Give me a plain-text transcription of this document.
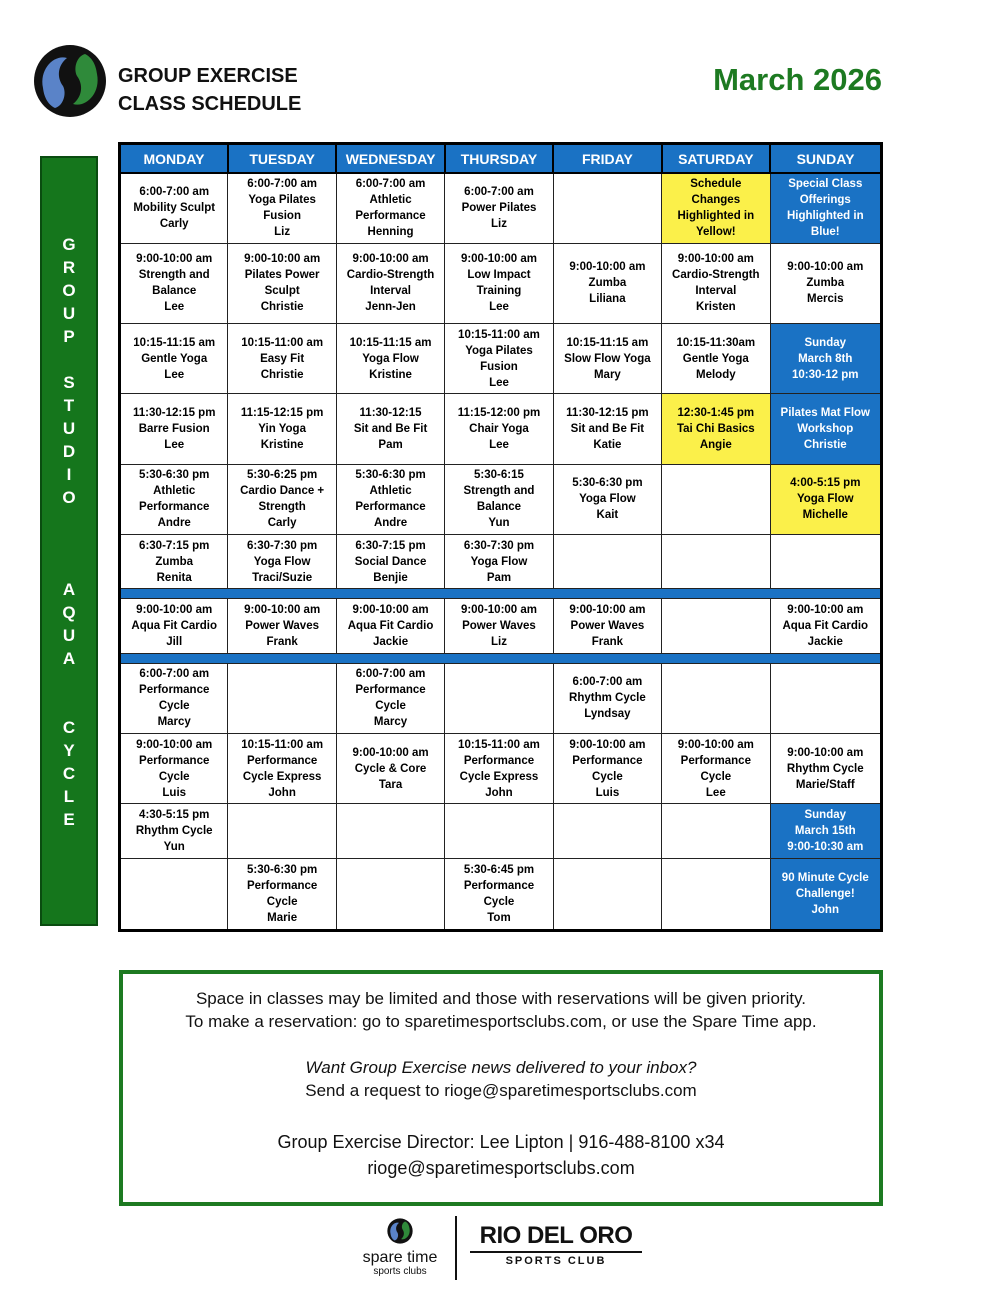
GROUP EXERCISE
CLASS SCHEDULE
March 2026
G
R
O
U
P
S
T
U
D
I
O
A
Q
U
A
C
Y
C
L
E
MONDAY	TUESDAY	WEDNESDAY	THURSDAY	FRIDAY	SATURDAY	SUNDAY

6:00-7:00 am
Mobility Sculpt
Carly	6:00-7:00 am
Yoga Pilates
Fusion
Liz	6:00-7:00 am
Athletic
Performance
Henning	6:00-7:00 am
Power Pilates
Liz		Schedule
Changes
Highlighted in
Yellow!	Special Class
Offerings
Highlighted in
Blue!

9:00-10:00 am
Strength and
Balance
Lee	9:00-10:00 am
Pilates Power
Sculpt
Christie	9:00-10:00 am
Cardio-Strength
Interval
Jenn-Jen	9:00-10:00 am
Low Impact
Training
Lee	9:00-10:00 am
Zumba
Liliana	9:00-10:00 am
Cardio-Strength
Interval
Kristen	9:00-10:00 am
Zumba
Mercis

10:15-11:15 am
Gentle Yoga
Lee	10:15-11:00 am
Easy Fit
Christie	10:15-11:15 am
Yoga Flow
Kristine	10:15-11:00 am
Yoga Pilates
Fusion
Lee	10:15-11:15 am
Slow Flow Yoga
Mary	10:15-11:30am
Gentle Yoga
Melody	Sunday
March 8th
10:30-12 pm

11:30-12:15 pm
Barre Fusion
Lee	11:15-12:15 pm
Yin Yoga
Kristine	11:30-12:15
Sit and Be Fit
Pam	11:15-12:00 pm
Chair Yoga
Lee	11:30-12:15 pm
Sit and Be Fit
Katie	12:30-1:45 pm
Tai Chi Basics
Angie	Pilates Mat Flow
Workshop
Christie

5:30-6:30 pm
Athletic
Performance
Andre	5:30-6:25 pm
Cardio Dance +
Strength
Carly	5:30-6:30 pm
Athletic
Performance
Andre	5:30-6:15
Strength and
Balance
Yun	5:30-6:30 pm
Yoga Flow
Kait		4:00-5:15 pm
Yoga Flow
Michelle

6:30-7:15 pm
Zumba
Renita	6:30-7:30 pm
Yoga Flow
Traci/Suzie	6:30-7:15 pm
Social Dance
Benjie	6:30-7:30 pm
Yoga Flow
Pam			

9:00-10:00 am
Aqua Fit Cardio
Jill	9:00-10:00 am
Power Waves
Frank	9:00-10:00 am
Aqua Fit Cardio
Jackie	9:00-10:00 am
Power Waves
Liz	9:00-10:00 am
Power Waves
Frank		9:00-10:00 am
Aqua Fit Cardio
Jackie

6:00-7:00 am
Performance
Cycle
Marcy		6:00-7:00 am
Performance
Cycle
Marcy		6:00-7:00 am
Rhythm Cycle
Lyndsay		

9:00-10:00 am
Performance
Cycle
Luis	10:15-11:00 am
Performance
Cycle Express
John	9:00-10:00 am
Cycle & Core
Tara	10:15-11:00 am
Performance
Cycle Express
John	9:00-10:00 am
Performance
Cycle
Luis	9:00-10:00 am
Performance
Cycle
Lee	9:00-10:00 am
Rhythm Cycle
Marie/Staff

4:30-5:15 pm
Rhythm Cycle
Yun						Sunday
March 15th
9:00-10:30 am

	5:30-6:30 pm
Performance
Cycle
Marie		5:30-6:45 pm
Performance
Cycle
Tom			90 Minute Cycle
Challenge!
John

Space in classes may be limited and those with reservations will be given priority.

To make a reservation: go to sparetimesportsclubs.com, or use the Spare Time app.

Want Group Exercise news delivered to your inbox?

Send a request to rioge@sparetimesportsclubs.com

Group Exercise Director: Lee Lipton | 916-488-8100 x34

rioge@sparetimesportsclubs.com

spare time
sports clubs
RIO DEL ORO
SPORTS CLUB
